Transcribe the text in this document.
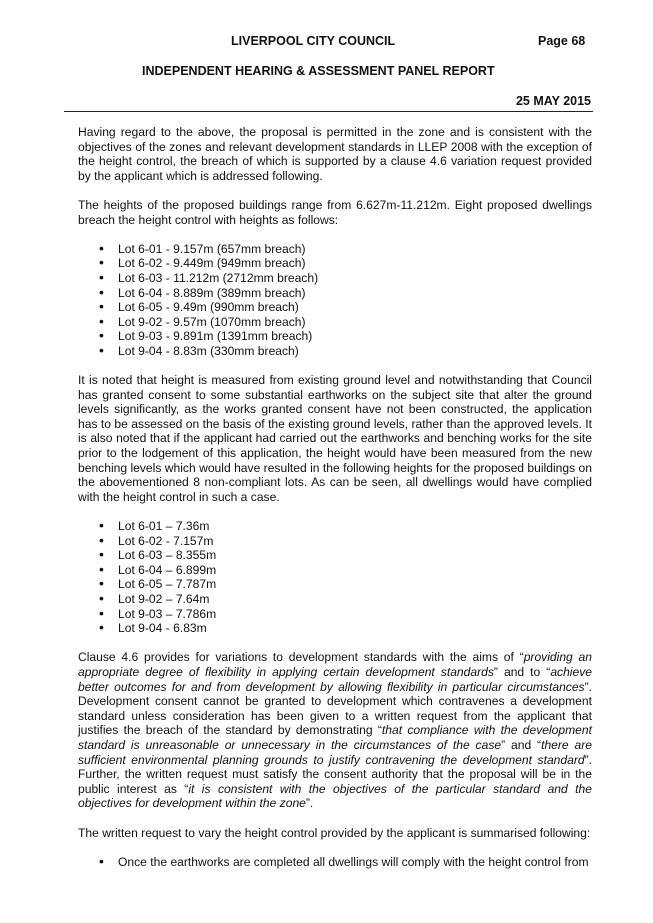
LIVERPOOL CITY COUNCIL	Page 68
INDEPENDENT HEARING & ASSESSMENT PANEL REPORT
25 MAY 2015

Having regard to the above, the proposal is permitted in the zone and is consistent with the objectives of the zones and relevant development standards in LLEP 2008 with the exception of the height control, the breach of which is supported by a clause 4.6 variation request provided by the applicant which is addressed following.

The heights of the proposed buildings range from 6.627m-11.212m. Eight proposed dwellings breach the height control with heights as follows:

• Lot 6-01 - 9.157m (657mm breach)
• Lot 6-02 - 9.449m (949mm breach)
• Lot 6-03 - 11.212m (2712mm breach)
• Lot 6-04 - 8.889m (389mm breach)
• Lot 6-05 - 9.49m (990mm breach)
• Lot 9-02 - 9.57m (1070mm breach)
• Lot 9-03 - 9.891m (1391mm breach)
• Lot 9-04 - 8.83m (330mm breach)

It is noted that height is measured from existing ground level and notwithstanding that Council has granted consent to some substantial earthworks on the subject site that alter the ground levels significantly, as the works granted consent have not been constructed, the application has to be assessed on the basis of the existing ground levels, rather than the approved levels. It is also noted that if the applicant had carried out the earthworks and benching works for the site prior to the lodgement of this application, the height would have been measured from the new benching levels which would have resulted in the following heights for the proposed buildings on the abovementioned 8 non-compliant lots. As can be seen, all dwellings would have complied with the height control in such a case.

• Lot 6-01 – 7.36m
• Lot 6-02 - 7.157m
• Lot 6-03 – 8.355m
• Lot 6-04 – 6.899m
• Lot 6-05 – 7.787m
• Lot 9-02 – 7.64m
• Lot 9-03 – 7.786m
• Lot 9-04 - 6.83m

Clause 4.6 provides for variations to development standards with the aims of “providing an appropriate degree of flexibility in applying certain development standards” and to “achieve better outcomes for and from development by allowing flexibility in particular circumstances”. Development consent cannot be granted to development which contravenes a development standard unless consideration has been given to a written request from the applicant that justifies the breach of the standard by demonstrating “that compliance with the development standard is unreasonable or unnecessary in the circumstances of the case” and “there are sufficient environmental planning grounds to justify contravening the development standard”. Further, the written request must satisfy the consent authority that the proposal will be in the public interest as “it is consistent with the objectives of the particular standard and the objectives for development within the zone”.

The written request to vary the height control provided by the applicant is summarised following:

• Once the earthworks are completed all dwellings will comply with the height control from
